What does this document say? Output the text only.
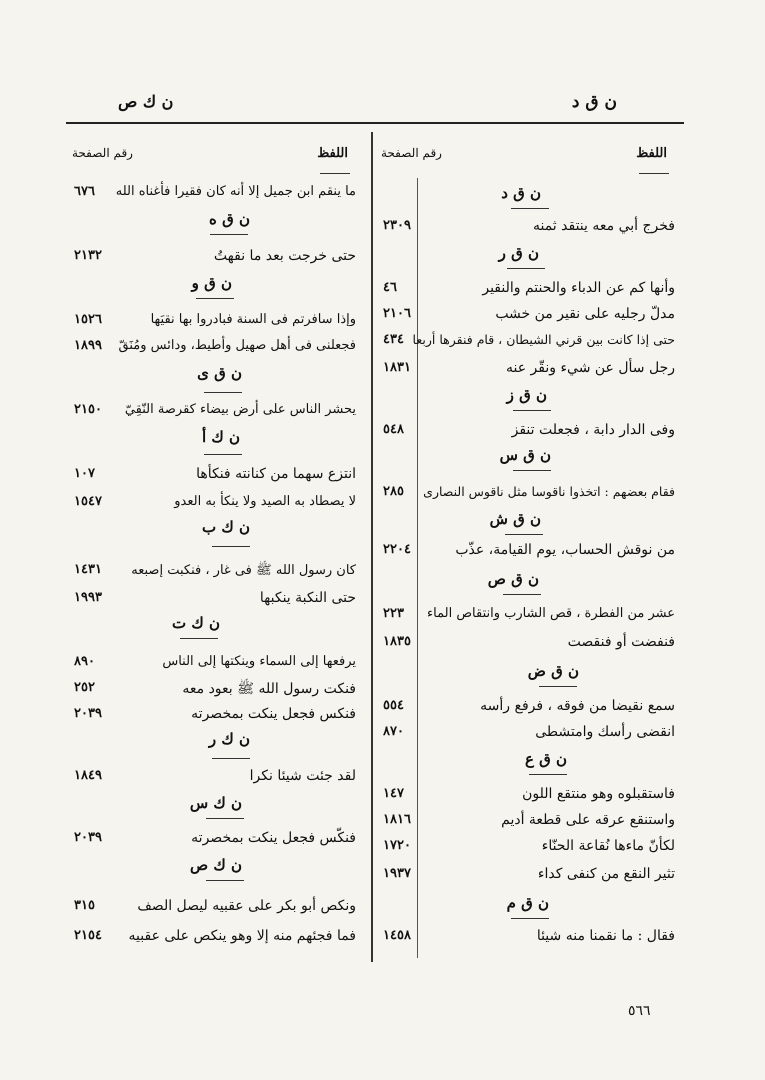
ن ق د
ن ك ص
اللفظ
رقم الصفحة
ن ق د
فخرج أبي معه ينتقد ثمنه
٢٣٠٩
ن ق ر
وأنها كم عن الدباء والحنتم والنقير
٤٦
مدلّ رجليه على نقير من خشب
٢١٠٦
حتى إذا كانت بين قرني الشيطان ، قام فنقرها أربعا
٤٣٤
رجل سأل عن شيء ونقّر عنه
١٨٣١
ن ق ز
وفى الدار دابة ، فجعلت تنقز
٥٤٨
ن ق س
فقام بعضهم : اتخذوا ناقوسا مثل ناقوس النصارى
٢٨٥
ن ق ش
من نوقش الحساب، يوم القيامة، عذّب
٢٢٠٤
ن ق ص
عشر من الفطرة ، قص الشارب وانتقاص الماء
٢٢٣
فنفضت أو فنقصت
١٨٣٥
ن ق ض
سمع نقيضا من فوقه ، فرفع رأسه
٥٥٤
انقضى رأسك وامتشطى
٨٧٠
ن ق ع
فاستقبلوه وهو منتقع اللون
١٤٧
واستنقع عرقه على قطعة أديم
١٨١٦
لكأنّ ماءها نُقاعة الحنّاء
١٧٢٠
تثير النقع من كنفى كداء
١٩٣٧
ن ق م
فقال : ما نقمنا منه شيئا
١٤٥٨
اللفظ
رقم الصفحة
ما ينقم ابن جميل إلا أنه كان فقيرا فأغناه الله
٦٧٦
ن ق ه
حتى خرجت بعد ما نقهتُ
٢١٣٢
ن ق و
وإذا سافرتم فى السنة فبادروا بها نقيَها
١٥٢٦
فجعلنى فى أهل صهيل وأطيط، ودائس ومُنَقّ
١٨٩٩
ن ق ى
يحشر الناس على أرض بيضاء كقرصة النّقِيّ
٢١٥٠
ن ك أ
انتزع سهما من كنانته فنكأها
١٠٧
لا يصطاد به الصيد ولا ينكأ به العدو
١٥٤٧
ن ك ب
كان رسول الله ﷺ فى غار ، فنكبت إصبعه
١٤٣١
حتى النكبة ينكبها
١٩٩٣
ن ك ت
يرفعها إلى السماء وينكتها إلى الناس
٨٩٠
فنكت رسول الله ﷺ بعود معه
٢٥٢
فنكس فجعل ينكت بمخصرته
٢٠٣٩
ن ك ر
لقد جئت شيئا نكرا
١٨٤٩
ن ك س
فنكّس فجعل ينكت بمخصرته
٢٠٣٩
ن ك ص
ونكص أبو بكر على عقبيه ليصل الصف
٣١٥
فما فجئهم منه إلا وهو ينكص على عقبيه
٢١٥٤
٥٦٦
